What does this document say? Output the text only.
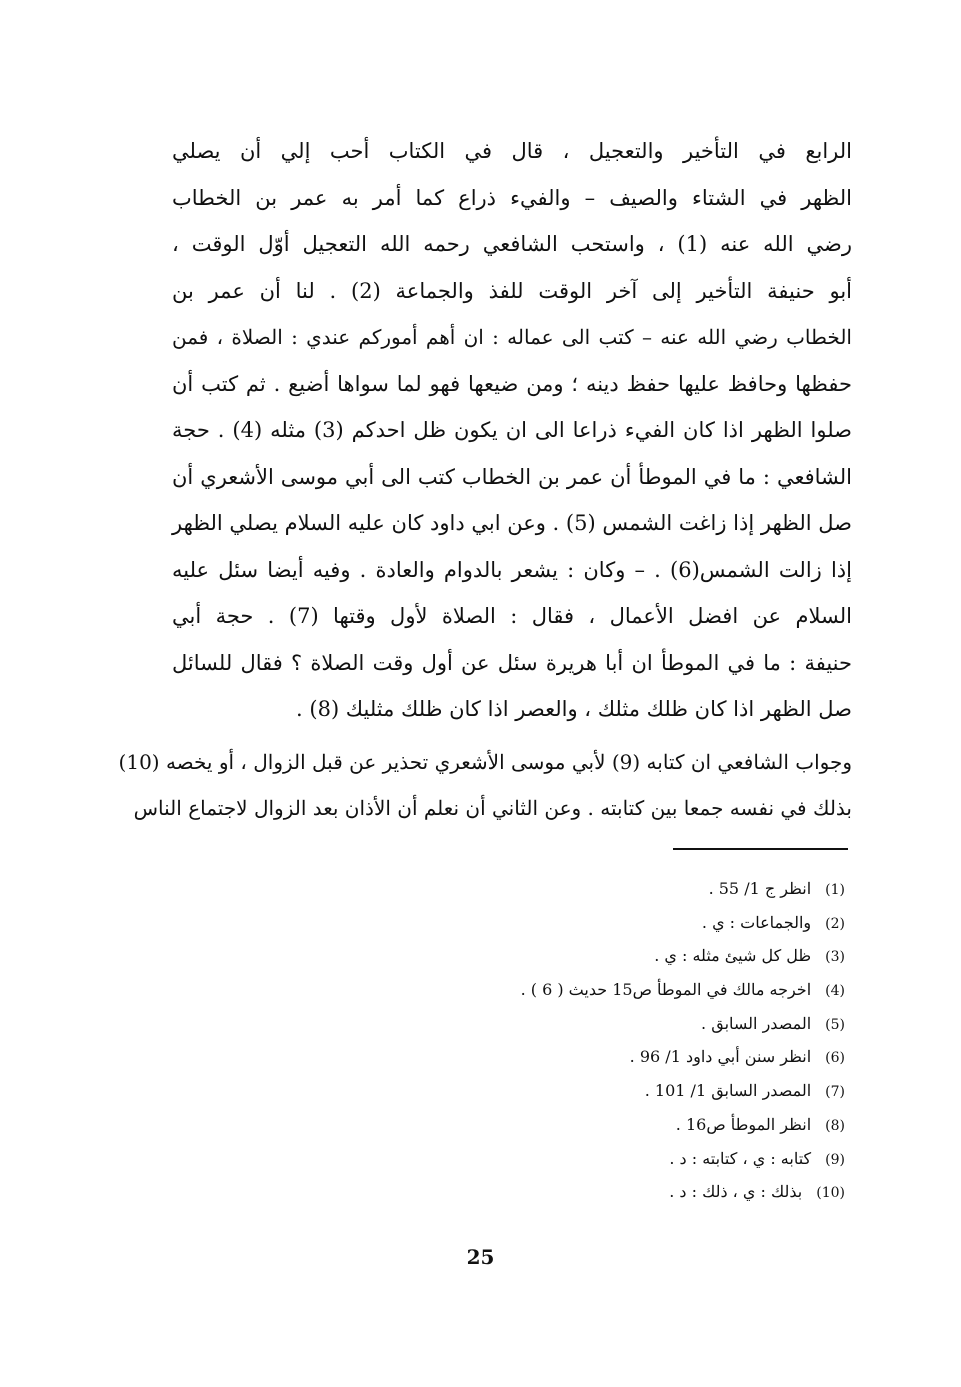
الرابع في التأخير والتعجيل ، قال في الكتاب أحب إلي أن يصلي
الظهر في الشتاء والصيف – والفيء ذراع كما أمر به عمر بن الخطاب
رضي الله عنه (1) ، واستحب الشافعي رحمه الله التعجيل أوّل الوقت ،
أبو حنيفة التأخير إلى آخر الوقت للفذ والجماعة (2) . لنا أن عمر بن
الخطاب رضي الله عنه – كتب الى عماله : ان أهم أموركم عندي : الصلاة ، فمن
حفظها وحافظ عليها حفظ دينه ؛ ومن ضيعها فهو لما سواها أضيع . ثم كتب أن
صلوا الظهر اذا كان الفيء ذراعا الى ان يكون ظل احدكم (3) مثله (4) . حجة
الشافعي : ما في الموطأ أن عمر بن الخطاب كتب الى أبي موسى الأشعري أن
صل الظهر إذا زاغت الشمس (5) . وعن ابي داود كان عليه السلام يصلي الظهر
إذا زالت الشمس(6) . – وكان : يشعر بالدوام والعادة . وفيه أيضا سئل عليه
السلام عن افضل الأعمال ، فقال : الصلاة لأول وقتها (7) . حجة أبي
حنيفة : ما في الموطأ ان أبا هريرة سئل عن أول وقت الصلاة ؟ فقال للسائل
صل الظهر اذا كان ظلك مثلك ، والعصر اذا كان ظلك مثليك (8) .
وجواب الشافعي ان كتابه (9) لأبي موسى الأشعري تحذير عن قبل الزوال ، أو يخصه (10)
بذلك في نفسه جمعا بين كتابته . وعن الثاني أن نعلم أن الأذان بعد الزوال لاجتماع الناس
(1)انظر ج 1/ 55 .
(2)والجماعات : ي .
(3)ظل كل شيئ مثله : ي .
(4)اخرجه مالك في الموطأ ص15 حديث ( 6 ) .
(5)المصدر السابق .
(6)انظر سنن أبي داود 1/ 96 .
(7)المصدر السابق 1/ 101 .
(8)انظر الموطأ ص16 .
(9)كتابه : ي ، كتابته : د .
(10)بذلك : ي ، ذلك : د .
25
